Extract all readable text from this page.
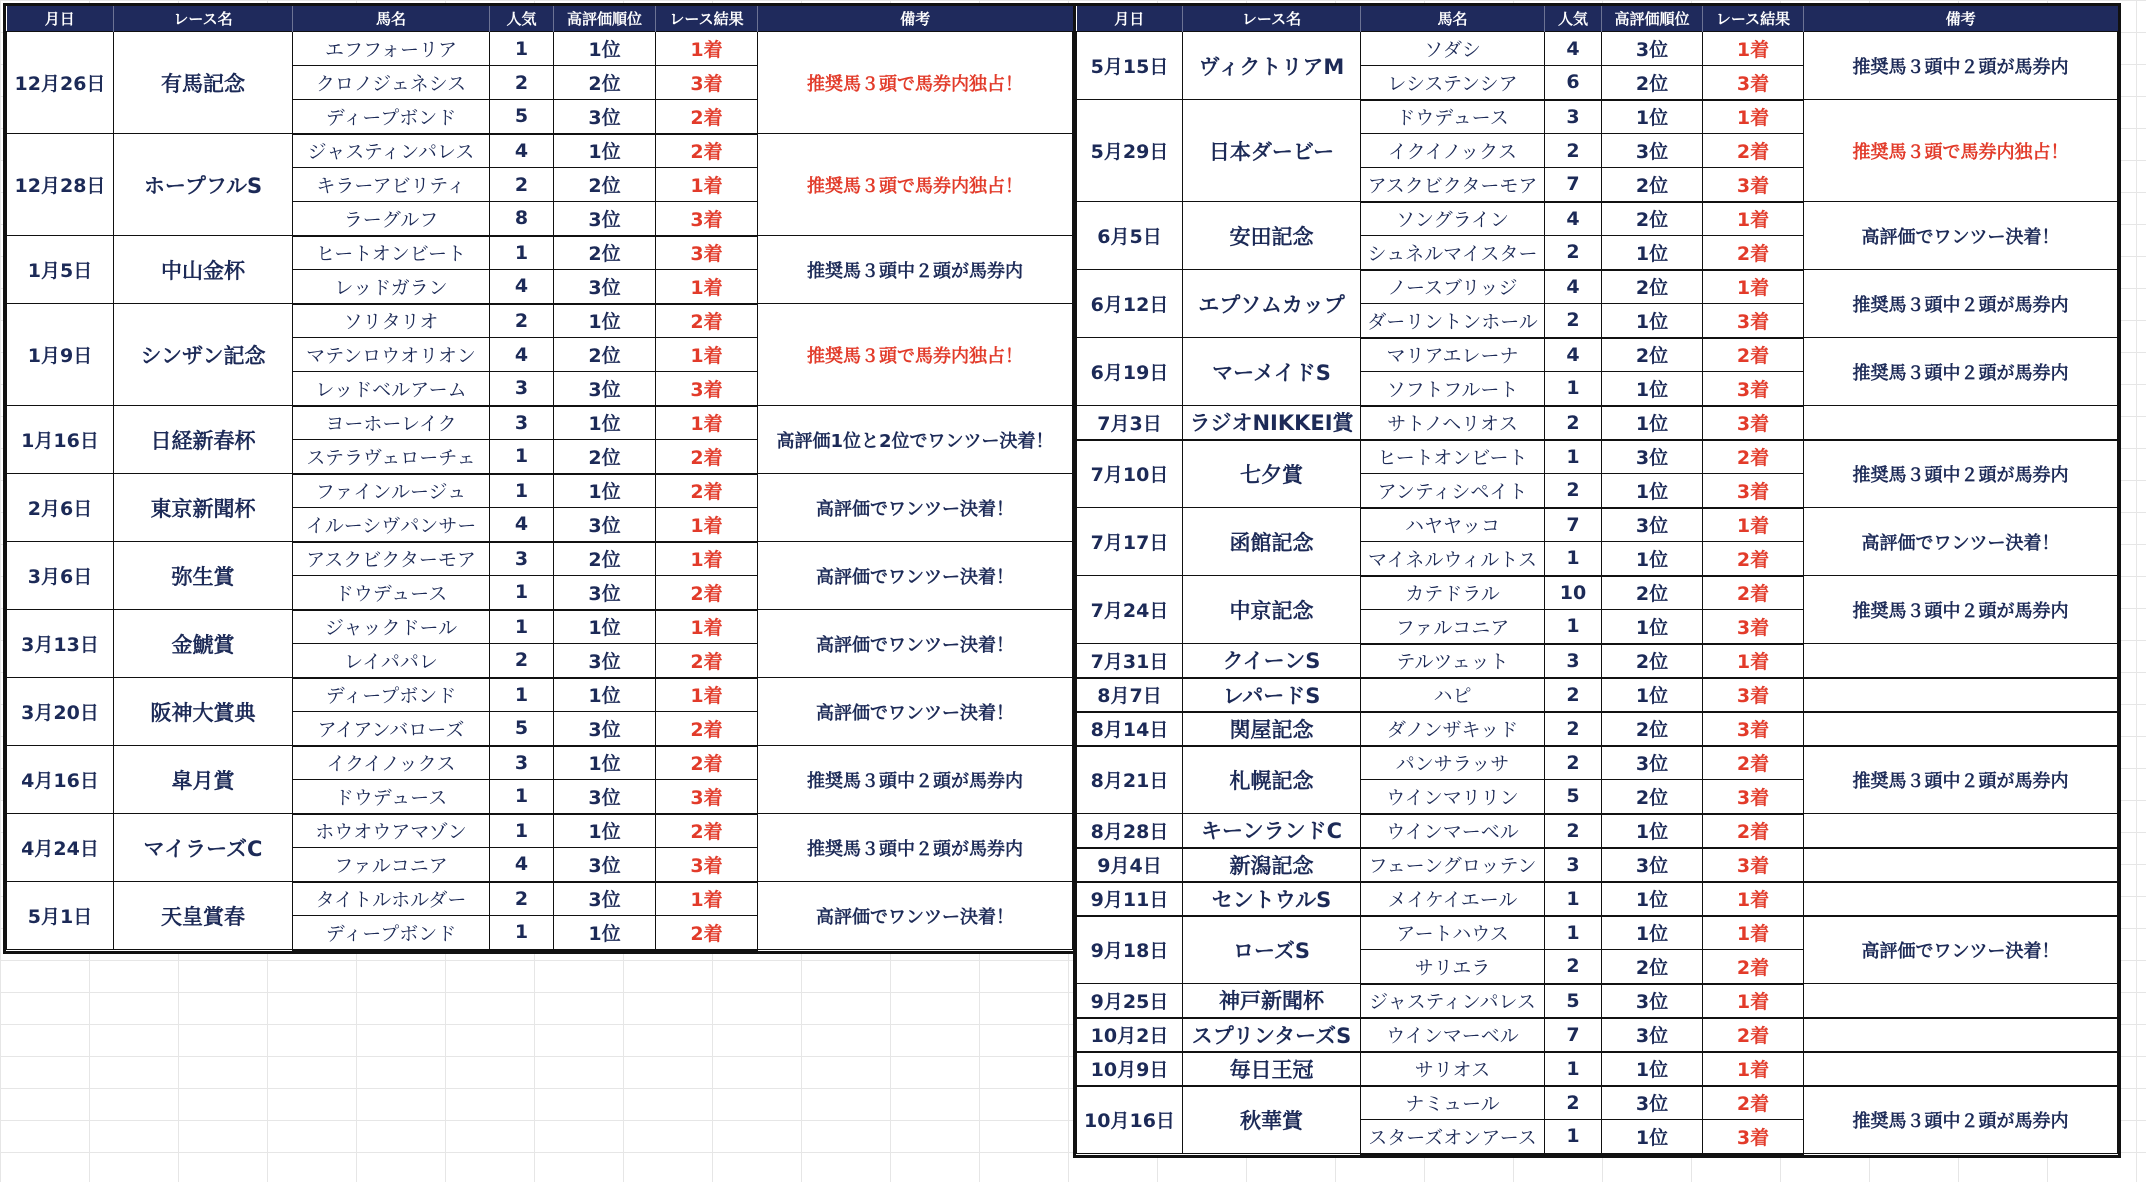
月日	レース名	馬名	人気	高評価順位	レース結果	備考
12月26日	有馬記念	エフフォーリア	1	1位	1着	推奨馬３頭で馬券内独占！
		クロノジェネシス	2	2位	3着	
		ディープボンド	5	3位	2着	
12月28日	ホープフルS	ジャスティンパレス	4	1位	2着	推奨馬３頭で馬券内独占！
		キラーアビリティ	2	2位	1着	
		ラーグルフ	8	3位	3着	
1月5日	中山金杯	ヒートオンビート	1	2位	3着	推奨馬３頭中２頭が馬券内
		レッドガラン	4	3位	1着	
1月9日	シンザン記念	ソリタリオ	2	1位	2着	推奨馬３頭で馬券内独占！
		マテンロウオリオン	4	2位	1着	
		レッドベルアーム	3	3位	3着	
1月16日	日経新春杯	ヨーホーレイク	3	1位	1着	高評価1位と2位でワンツー決着！
		ステラヴェローチェ	1	2位	2着	
2月6日	東京新聞杯	ファインルージュ	1	1位	2着	高評価でワンツー決着！
		イルーシヴパンサー	4	3位	1着	
3月6日	弥生賞	アスクビクターモア	3	2位	1着	高評価でワンツー決着！
		ドウデュース	1	3位	2着	
3月13日	金鯱賞	ジャックドール	1	1位	1着	高評価でワンツー決着！
		レイパパレ	2	3位	2着	
3月20日	阪神大賞典	ディープボンド	1	1位	1着	高評価でワンツー決着！
		アイアンバローズ	5	3位	2着	
4月16日	皐月賞	イクイノックス	3	1位	2着	推奨馬３頭中２頭が馬券内
		ドウデュース	1	3位	3着	
4月24日	マイラーズC	ホウオウアマゾン	1	1位	2着	推奨馬３頭中２頭が馬券内
		ファルコニア	4	3位	3着	
5月1日	天皇賞春	タイトルホルダー	2	3位	1着	高評価でワンツー決着！
		ディープボンド	1	1位	2着	
月日	レース名	馬名	人気	高評価順位	レース結果	備考
5月15日	ヴィクトリアM	ソダシ	4	3位	1着	推奨馬３頭中２頭が馬券内
		レシステンシア	6	2位	3着	
5月29日	日本ダービー	ドウデュース	3	1位	1着	推奨馬３頭で馬券内独占！
		イクイノックス	2	3位	2着	
		アスクビクターモア	7	2位	3着	
6月5日	安田記念	ソングライン	4	2位	1着	高評価でワンツー決着！
		シュネルマイスター	2	1位	2着	
6月12日	エプソムカップ	ノースブリッジ	4	2位	1着	推奨馬３頭中２頭が馬券内
		ダーリントンホール	2	1位	3着	
6月19日	マーメイドS	マリアエレーナ	4	2位	2着	推奨馬３頭中２頭が馬券内
		ソフトフルート	1	1位	3着	
7月3日	ラジオNIKKEI賞	サトノヘリオス	2	1位	3着	
7月10日	七夕賞	ヒートオンビート	1	3位	2着	推奨馬３頭中２頭が馬券内
		アンティシペイト	2	1位	3着	
7月17日	函館記念	ハヤヤッコ	7	3位	1着	高評価でワンツー決着！
		マイネルウィルトス	1	1位	2着	
7月24日	中京記念	カテドラル	10	2位	2着	推奨馬３頭中２頭が馬券内
		ファルコニア	1	1位	3着	
7月31日	クイーンS	テルツェット	3	2位	1着	
8月7日	レパードS	ハピ	2	1位	3着	
8月14日	関屋記念	ダノンザキッド	2	2位	3着	
8月21日	札幌記念	パンサラッサ	2	3位	2着	推奨馬３頭中２頭が馬券内
		ウインマリリン	5	2位	3着	
8月28日	キーンランドC	ウインマーベル	2	1位	2着	
9月4日	新潟記念	フェーングロッテン	3	3位	3着	
9月11日	セントウルS	メイケイエール	1	1位	1着	
9月18日	ローズS	アートハウス	1	1位	1着	高評価でワンツー決着！
		サリエラ	2	2位	2着	
9月25日	神戸新聞杯	ジャスティンパレス	5	3位	1着	
10月2日	スプリンターズS	ウインマーベル	7	3位	2着	
10月9日	毎日王冠	サリオス	1	1位	1着	
10月16日	秋華賞	ナミュール	2	3位	2着	推奨馬３頭中２頭が馬券内
		スターズオンアース	1	1位	3着	
